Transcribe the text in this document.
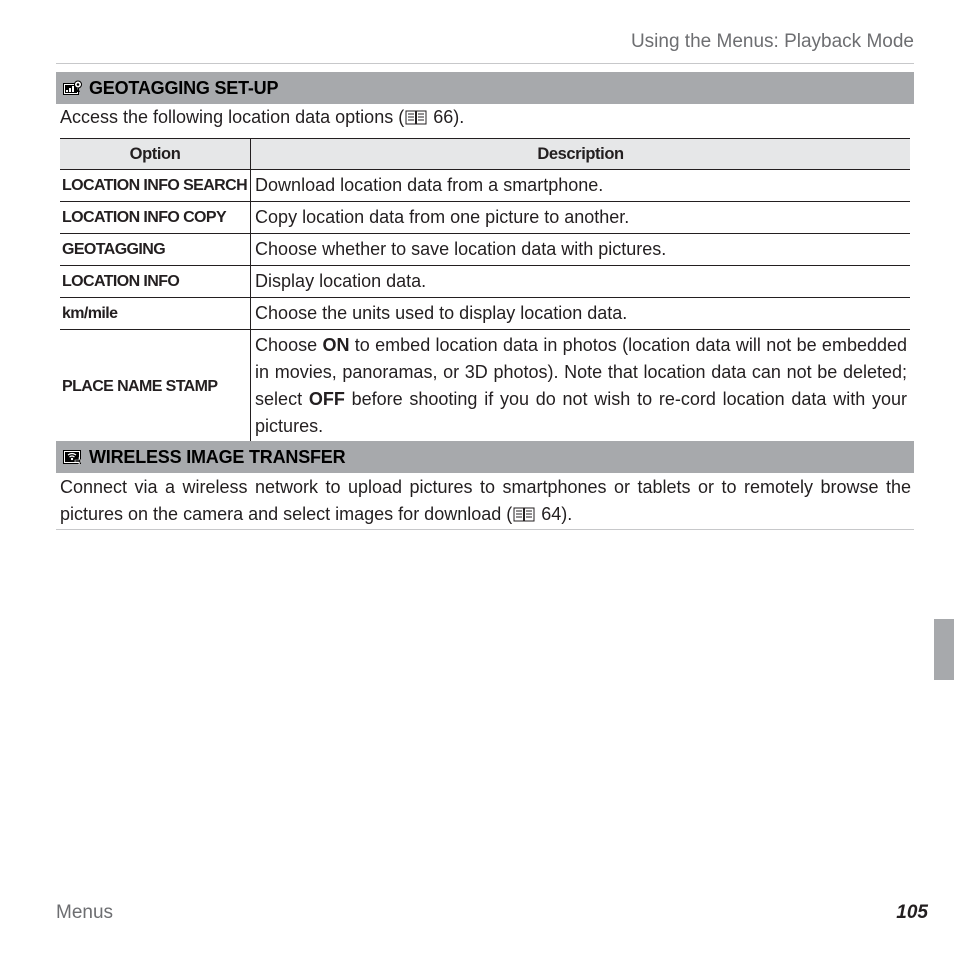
Using the Menus: Playback Mode
GEOTAGGING SET-UP
Access the following location data options ( 66).
Option	Description
LOCATION INFO SEARCH	Download location data from a smartphone.
LOCATION INFO COPY	Copy location data from one picture to another.
GEOTAGGING	Choose whether to save location data with pictures.
LOCATION INFO	Display location data.
km/mile	Choose the units used to display location data.
PLACE NAME STAMP	Choose ON to embed location data in photos (location data will not be embedded in movies, panoramas, or 3D photos). Note that location data can not be deleted; select OFF before shooting if you do not wish to re-cord location data with your pictures.
WIRELESS IMAGE TRANSFER
Connect via a wireless network to upload pictures to smartphones or tablets or to remotely browse the pictures on the camera and select images for download ( 64).
Menus	105
